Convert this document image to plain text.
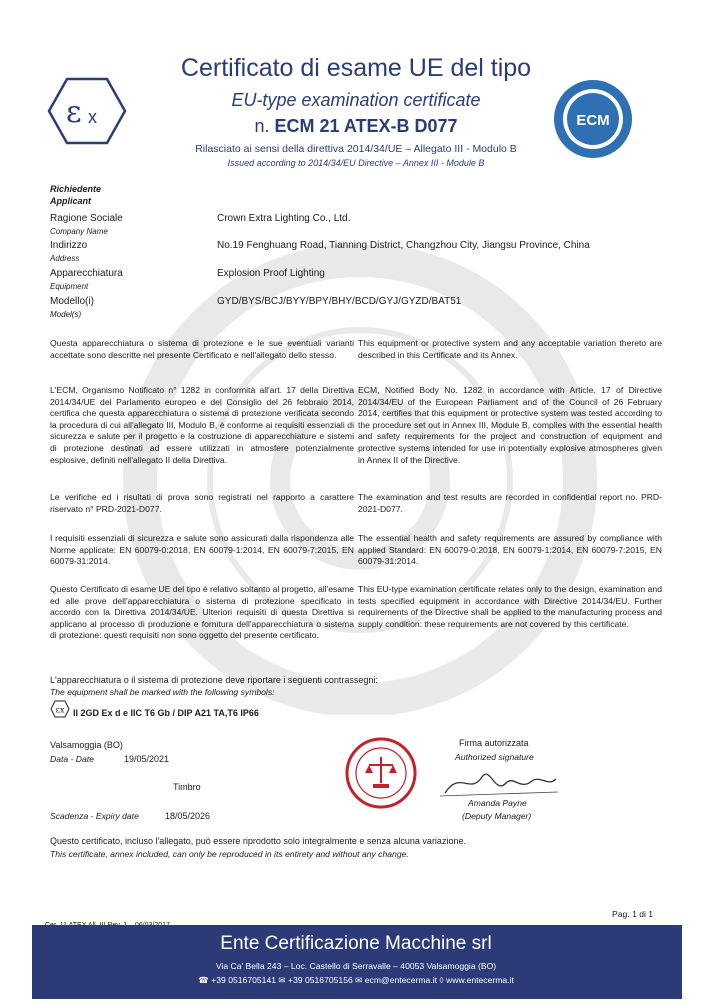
ε x
Certificato di esame UE del tipo
EU-type examination certificate
n. ECM 21 ATEX-B D077
Rilasciato ai sensi della direttiva 2014/34/UE – Allegato III - Modulo B
Issued according to 2014/34/EU Directive – Annex III - Module B
ECM
Richiedente
Applicant
Ragione Sociale
Company Name
Crown Extra Lighting Co., Ltd.
Indirizzo
Address
No.19 Fenghuang Road, Tianning District, Changzhou City, Jiangsu Province, China
Apparecchiatura
Equipment
Explosion Proof Lighting
Modello(i)
Model(s)
GYD/BYS/BCJ/BYY/BPY/BHY/BCD/GYJ/GYZD/BAT51
Questa apparecchiatura o sistema di protezione e le sue eventuali varianti accettate sono descritte nel presente Certificato e nell'allegato dello stesso.
This equipment or protective system and any acceptable variation thereto are described in this Certificate and its Annex.
L'ECM, Organismo Notificato n° 1282 in conformità all'art. 17 della Direttiva 2014/34/UE del Parlamento europeo e del Consiglio del 26 febbraio 2014, certifica che questa apparecchiatura o sistema di protezione verificata secondo la procedura di cui all'allegato III, Modulo B, è conforme ai requisiti essenziali di sicurezza e salute per il progetto e la costruzione di apparecchiature e sistemi di protezione destinati ad essere utilizzati in atmosfere potenzialmente esplosive, definiti nell'allegato II della Direttiva.
Le verifiche ed i risultati di prova sono registrati nel rapporto a carattere riservato n° PRD-2021-D077.
ECM, Notified Body No. 1282 in accordance with Article. 17 of Directive 2014/34/EU of the European Parliament and of the Council of 26 February 2014, certifies that this equipment or protective system was tested according to the procedure set out in Annex III, Module B, complies with the essential health and safety requirements for the project and construction of equipment and protective systems intended for use in potentially explosive atmospheres given in Annex II of the Directive.
The examination and test results are recorded in confidential report no. PRD-2021-D077.
I requisiti essenziali di sicurezza e salute sono assicurati dalla rispondenza alle Norme applicate: EN 60079-0:2018, EN 60079-1:2014, EN 60079-7:2015, EN 60079-31:2014.
The essential health and safety requirements are assured by compliance with applied Standard: EN 60079-0:2018, EN 60079-1:2014, EN 60079-7:2015, EN 60079-31:2014.
Questo Certificato di esame UE del tipo è relativo soltanto al progetto, all'esame ed alle prove dell'apparecchiatura o sistema di protezione specificato in accordo con la Direttiva 2014/34/UE. Ulteriori requisiti di questa Direttiva si applicano al processo di produzione e fornitura dell'apparecchiatura o sistema di protezione: questi requisiti non sono oggetto del presente certificato.
This EU-type examination certificate relates only to the design, examination and tests specified equipment in accordance with Directive 2014/34/EU. Further requirements of the Directive shall be applied to the manufacturing process and supply condition: these requirements are not covered by this certificate.
L'apparecchiatura o il sistema di protezione deve riportare i seguenti contrassegni:
The equipment shall be marked with the following symbols:
εx II 2GD Ex d e IIC T6 Gb / DIP A21 TA,T6 IP66
Valsamoggia (BO)
Data - Date	19/05/2021
Timbro
Scadenza - Expiry date	18/05/2026
Firma autorizzata
Authorized signature
Amanda Payne
(Deputy Manager)
Questo certificato, incluso l'allegato, può essere riprodotto solo integralmente e senza alcuna variazione.
This certificate, annex included, can only be reproduced in its entirety and without any change.
Pag. 1 di 1
Ente Certificazione Macchine srl
Via Ca' Bella 243 – Loc. Castello di Serravalle – 40053 Valsamoggia (BO)
☎ +39 0516705141 ✉ +39 0516705156 ✉ ecm@entecerma.it ◊ www.entecerma.it
